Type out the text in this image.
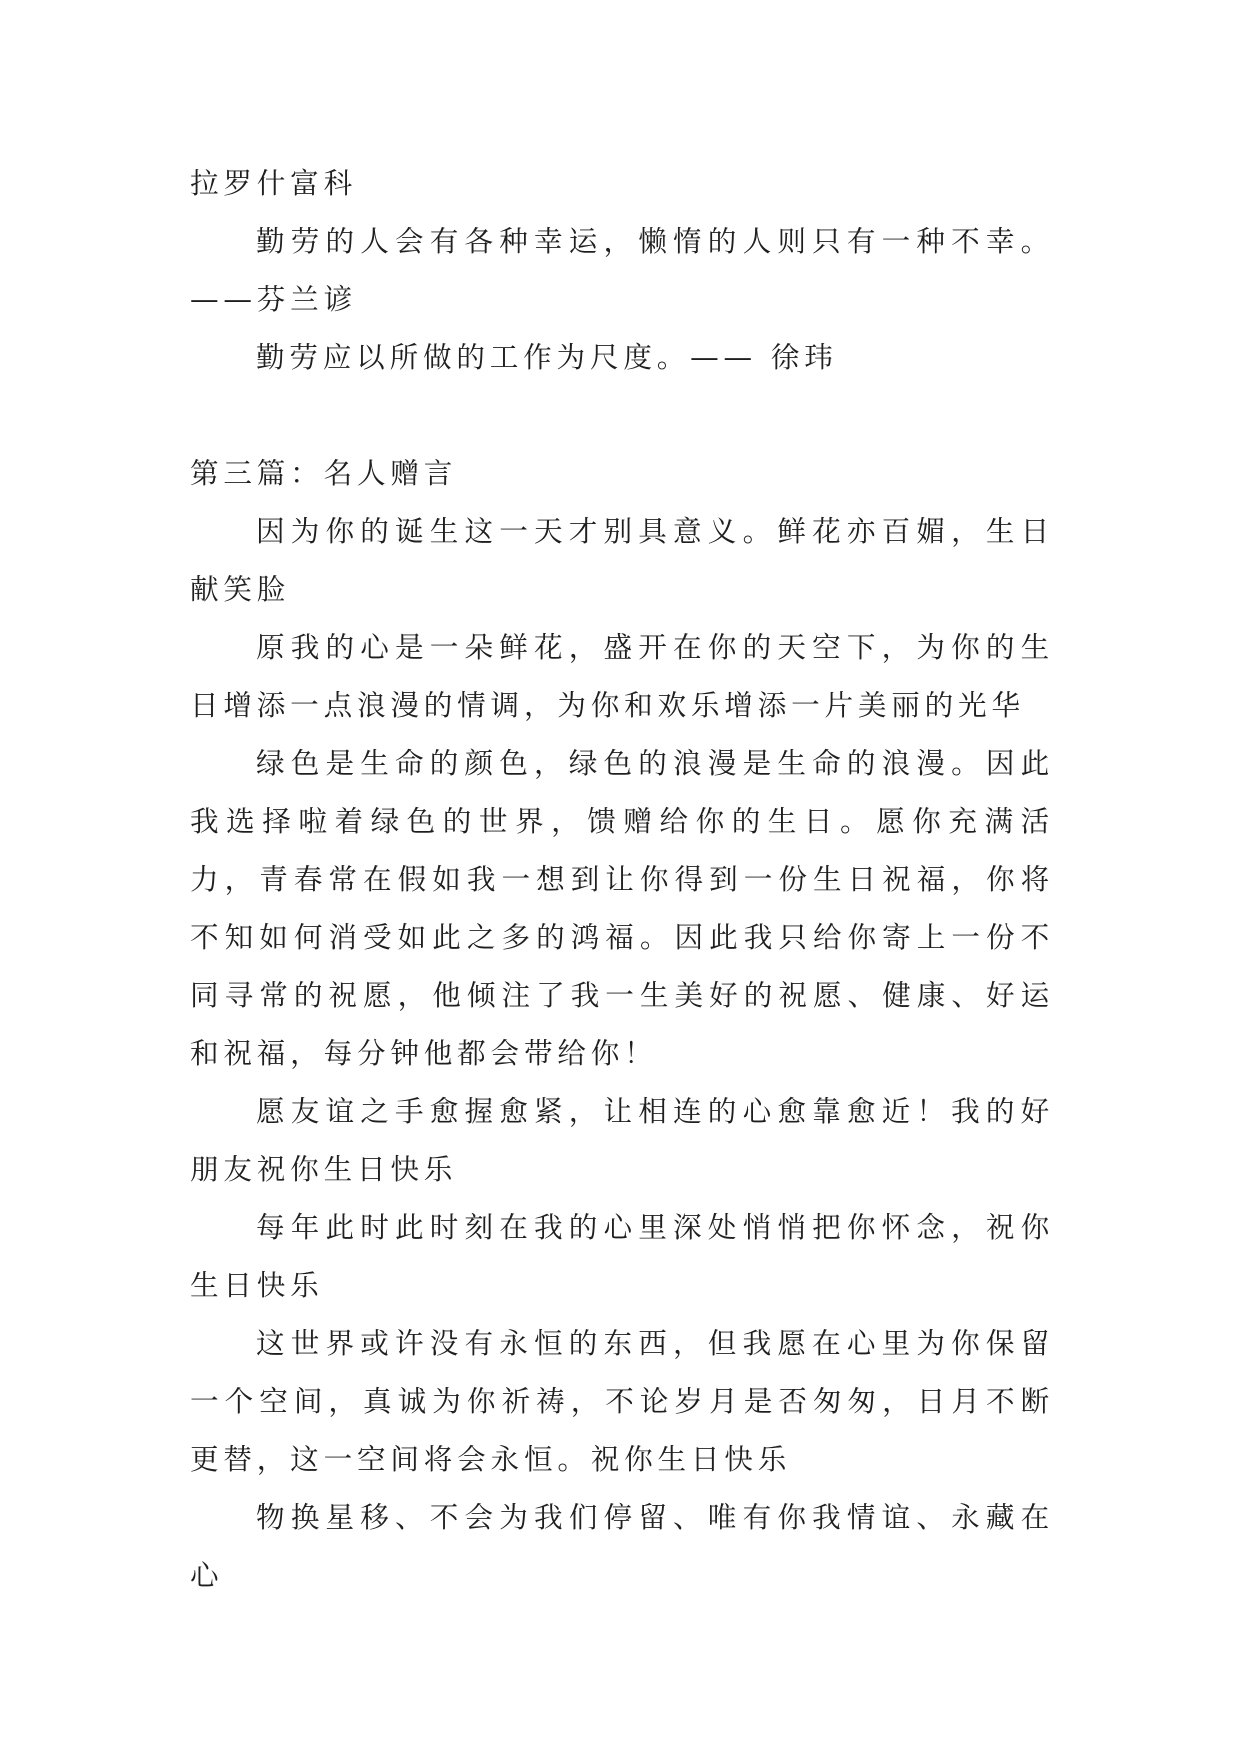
拉罗什富科

勤劳的人会有各种幸运，懒惰的人则只有一种不幸。——芬兰谚

勤劳应以所做的工作为尺度。—— 徐玮

第三篇：名人赠言

因为你的诞生这一天才别具意义。鲜花亦百媚，生日献笑脸

原我的心是一朵鲜花，盛开在你的天空下，为你的生日增添一点浪漫的情调，为你和欢乐增添一片美丽的光华

绿色是生命的颜色，绿色的浪漫是生命的浪漫。因此我选择啦着绿色的世界，馈赠给你的生日。愿你充满活力，青春常在假如我一想到让你得到一份生日祝福，你将不知如何消受如此之多的鸿福。因此我只给你寄上一份不同寻常的祝愿，他倾注了我一生美好的祝愿、健康、好运和祝福，每分钟他都会带给你！

愿友谊之手愈握愈紧，让相连的心愈靠愈近！我的好朋友祝你生日快乐

每年此时此时刻在我的心里深处悄悄把你怀念，祝你生日快乐

这世界或许没有永恒的东西，但我愿在心里为你保留一个空间，真诚为你祈祷，不论岁月是否匆匆，日月不断更替，这一空间将会永恒。祝你生日快乐

物换星移、不会为我们停留、唯有你我情谊、永藏在心
